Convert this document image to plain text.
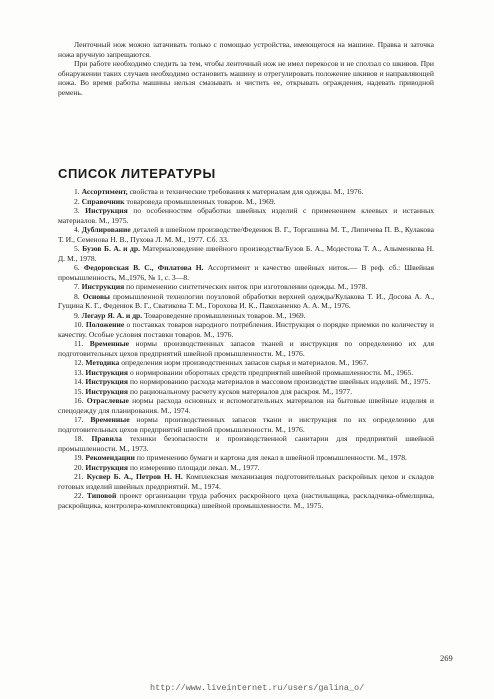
Ленточный нож можно затачивать только с помощью устройства, имеющегося на машине. Правка и заточка ножа вручную запрещаются.

При работе необходимо следить за тем, чтобы ленточный нож не имел перекосов и не сползал со шкивов. При обнаружении таких случаев необходимо остановить машину и отрегулировать положение шкивов и направляющей ножа. Во время работы машины нельзя смазывать и чистить ее, открывать ограждения, надевать приводной ремень.

СПИСОК ЛИТЕРАТУРЫ

1. Ассортимент, свойства и технические требования к материалам для одежды. М., 1976.

2. Справочник товароведа промышленных товаров. М., 1969.

3. Инструкция по особенностям обработки швейных изделий с применением клеевых и истанных материалов. М., 1975.

4. Дублирование деталей в швейном производстве/Феденюк В. Г., Торгашина М. Т., Липичева П. В., Кулакова Т. И., Семенова Н. В., Пухова Л. М. М., 1977. Сб. 33.

5. Бузов Б. А. и др. Материаловедение швейного производства/Бузов Б. А., Модестова Т. А., Алыменкова Н. Д. М., 1978.

6. Федоровская В. С., Филатова Н. Ассортимент и качество швейных ниток.— В реф. сб.: Швейная промышленность, М.,1976, № 1, с. 3—8.

7. Инструкция по применению синтетических ниток при изготовлении одежды. М., 1978.

8. Основы промышленной технологии поузловой обработки верхней одежды/Кулакова Т. И., Досова А. А., Гущина К. Г., Феденюк В. Г., Сватикова Т. М., Горохова И. К., Пакоханенко А. А. М., 1976.

9. Легаур Я. А. и др. Товароведение промышленных товаров. М., 1969.

10. Положение о поставках товаров народного потребления. Инструкция о порядке приемки по количеству и качеству. Особые условия поставки товаров. М., 1976.

11. Временные нормы производственных запасов тканей и инструкция по определению их для подготовительных цехов предприятий швейной промышленности. М., 1976.

12. Методика определения норм производственных запасов сырья и материалов. М., 1967.

13. Инструкция о нормировании оборотных средств предприятий швейной промышленности. М., 1965.

14. Инструкция по нормированию расхода материалов в массовом производстве швейных изделий. М., 1975.

15. Инструкция по рациональному расчету кусков материалов для раскроя. М., 1977.

16. Отраслевые нормы расхода основных и вспомогательных материалов на бытовые швейные изделия и спецодежду для планирования. М., 1974.

17. Временные нормы производственных запасов ткани и инструкция по их определению для подготовительных цехов предприятий швейной промышленности. М., 1976.

18. Правила техники безопасности и производственной санитарии для предприятий швейной промышленности. М., 1973.

19. Рекомендации по применению бумаги и картона для лекал в швейной промышленности. М., 1978.

20. Инструкция по измерению площади лекал. М., 1977.

21. Кусвер Б. А., Петров Н. Н. Комплексная механизация подготовительных раскройных цехов и складов готовых изделий швейных предприятий. М., 1974.

22. Типовой проект организации труда рабочих раскройного цеха (настилыщика, раскладчика-обмелщика, раскройщика, контролера-комплектовщика) швейной промышленности. М., 1975.

269
http://www.liveinternet.ru/users/galina_o/
